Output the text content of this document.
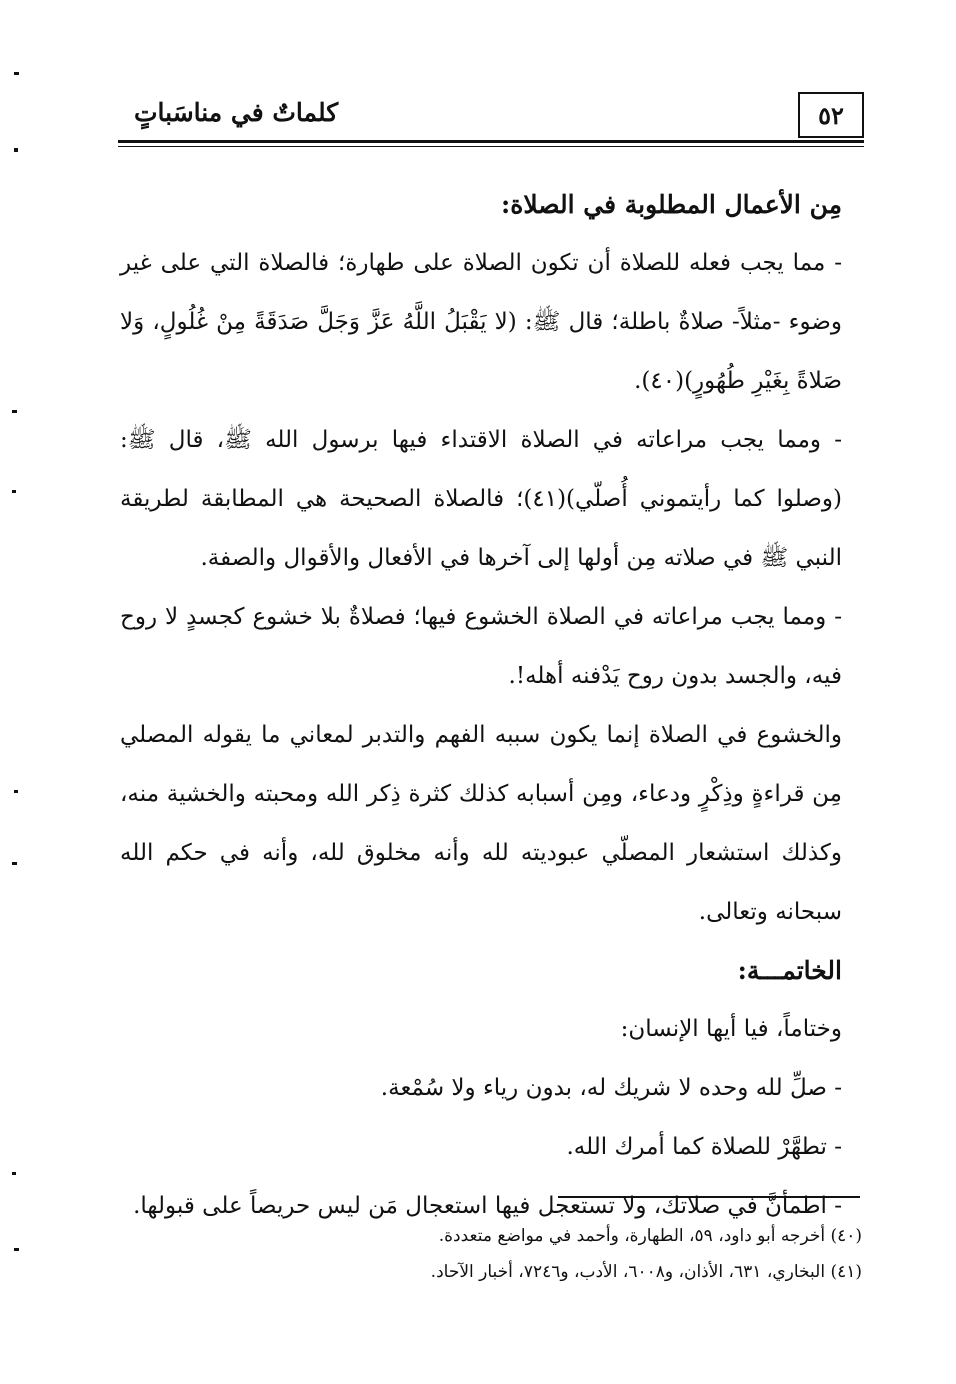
٥٢
كلماتٌ في مناسَباتٍ

مِن الأعمال المطلوبة في الصلاة:

- مما يجب فعله للصلاة أن تكون الصلاة على طهارة؛ فالصلاة التي على غير وضوء -مثلاً- صلاةٌ باطلة؛ قال ﷺ: (لا يَقْبَلُ اللَّهُ عَزَّ وَجَلَّ صَدَقَةً مِنْ غُلُولٍ، وَلا صَلاةً بِغَيْرِ طُهُورٍ)(٤٠).

- ومما يجب مراعاته في الصلاة الاقتداء فيها برسول الله ﷺ، قال ﷺ: (وصلوا كما رأيتموني أُصلّي)(٤١)؛ فالصلاة الصحيحة هي المطابقة لطريقة النبي ﷺ في صلاته مِن أولها إلى آخرها في الأفعال والأقوال والصفة.

- ومما يجب مراعاته في الصلاة الخشوع فيها؛ فصلاةٌ بلا خشوع كجسدٍ لا روح فيه، والجسد بدون روح يَدْفنه أهله!.

والخشوع في الصلاة إنما يكون سببه الفهم والتدبر لمعاني ما يقوله المصلي مِن قراءةٍ وذِكْرٍ ودعاء، ومِن أسبابه كذلك كثرة ذِكر الله ومحبته والخشية منه، وكذلك استشعار المصلّي عبوديته لله وأنه مخلوق لله، وأنه في حكم الله سبحانه وتعالى.

الخاتمـــة:

وختاماً، فيا أيها الإنسان:

- صلِّ لله وحده لا شريك له، بدون رياء ولا سُمْعة.

- تطهَّرْ للصلاة كما أمرك الله.

- اطمأنَّ في صلاتك، ولا تستعجل فيها استعجال مَن ليس حريصاً على قبولها.

(٤٠) أخرجه أبو داود، ٥٩، الطهارة، وأحمد في مواضع متعددة.

(٤١) البخاري، ٦٣١، الأذان، و٦٠٠٨، الأدب، و٧٢٤٦، أخبار الآحاد.
